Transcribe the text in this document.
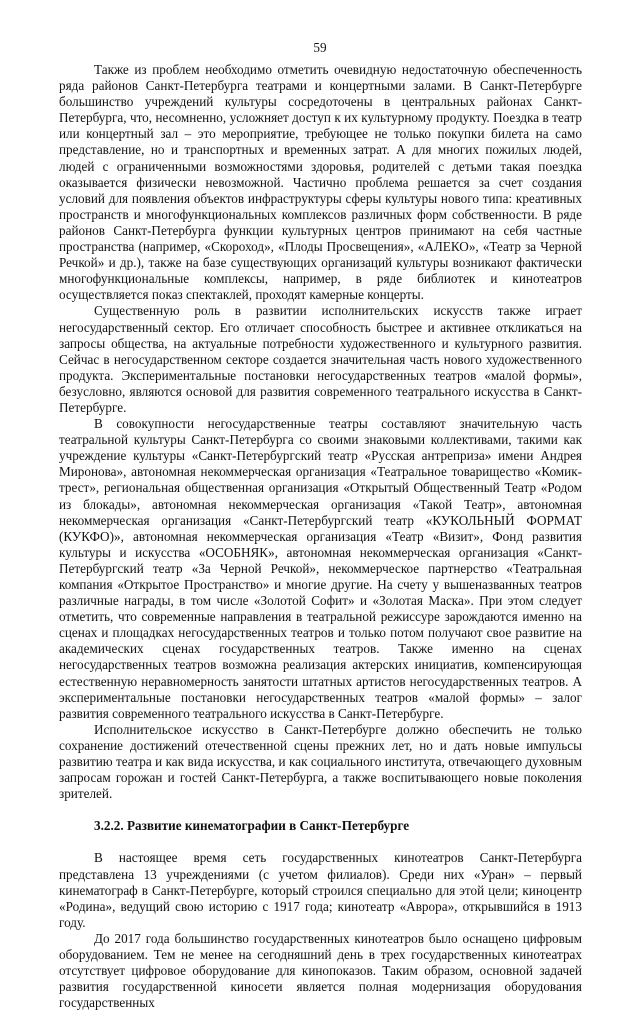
59

Также из проблем необходимо отметить очевидную недостаточную обеспеченность ряда районов Санкт-Петербурга театрами и концертными залами. В Санкт-Петербурге большинство учреждений культуры сосредоточены в центральных районах Санкт-Петербурга, что, несомненно, усложняет доступ к их культурному продукту. Поездка в театр или концертный зал – это мероприятие, требующее не только покупки билета на само представление, но и транспортных и временных затрат. А для многих пожилых людей, людей с ограниченными возможностями здоровья, родителей с детьми такая поездка оказывается физически невозможной. Частично проблема решается за счет создания условий для появления объектов инфраструктуры сферы культуры нового типа: креативных пространств и многофункциональных комплексов различных форм собственности. В ряде районов Санкт-Петербурга функции культурных центров принимают на себя частные пространства (например, «Скороход», «Плоды Просвещения», «АЛЕКО», «Театр за Черной Речкой» и др.), также на базе существующих организаций культуры возникают фактически многофункциональные комплексы, например, в ряде библиотек и кинотеатров осуществляется показ спектаклей, проходят камерные концерты.

Существенную роль в развитии исполнительских искусств также играет негосударственный сектор. Его отличает способность быстрее и активнее откликаться на запросы общества, на актуальные потребности художественного и культурного развития. Сейчас в негосударственном секторе создается значительная часть нового художественного продукта. Экспериментальные постановки негосударственных театров «малой формы», безусловно, являются основой для развития современного театрального искусства в Санкт-Петербурге.

В совокупности негосударственные театры составляют значительную часть театральной культуры Санкт-Петербурга со своими знаковыми коллективами, такими как учреждение культуры «Санкт-Петербургский театр «Русская антреприза» имени Андрея Миронова», автономная некоммерческая организация «Театральное товарищество «Комик-трест», региональная общественная организация «Открытый Общественный Театр «Родом из блокады», автономная некоммерческая организация «Такой Театр», автономная некоммерческая организация «Санкт-Петербургский театр «КУКОЛЬНЫЙ ФОРМАТ (КУКФО)», автономная некоммерческая организация «Театр «Визит», Фонд развития культуры и искусства «ОСОБНЯК», автономная некоммерческая организация «Санкт-Петербургский театр «За Черной Речкой», некоммерческое партнерство «Театральная компания «Открытое Пространство» и многие другие. На счету у вышеназванных театров различные награды, в том числе «Золотой Софит» и «Золотая Маска». При этом следует отметить, что современные направления в театральной режиссуре зарождаются именно на сценах и площадках негосударственных театров и только потом получают свое развитие на академических сценах государственных театров. Также именно на сценах негосударственных театров возможна реализация актерских инициатив, компенсирующая естественную неравномерность занятости штатных артистов негосударственных театров. А экспериментальные постановки негосударственных театров «малой формы» – залог развития современного театрального искусства в Санкт-Петербурге.

Исполнительское искусство в Санкт-Петербурге должно обеспечить не только сохранение достижений отечественной сцены прежних лет, но и дать новые импульсы развитию театра и как вида искусства, и как социального института, отвечающего духовным запросам горожан и гостей Санкт-Петербурга, а также воспитывающего новые поколения зрителей.

3.2.2. Развитие кинематографии в Санкт-Петербурге

В настоящее время сеть государственных кинотеатров Санкт-Петербурга представлена 13 учреждениями (с учетом филиалов). Среди них «Уран» – первый кинематограф в Санкт-Петербурге, который строился специально для этой цели; киноцентр «Родина», ведущий свою историю с 1917 года; кинотеатр «Аврора», открывшийся в 1913 году.

До 2017 года большинство государственных кинотеатров было оснащено цифровым оборудованием. Тем не менее на сегодняшний день в трех государственных кинотеатрах отсутствует цифровое оборудование для кинопоказов. Таким образом, основной задачей развития государственной киносети является полная модернизация оборудования государственных
